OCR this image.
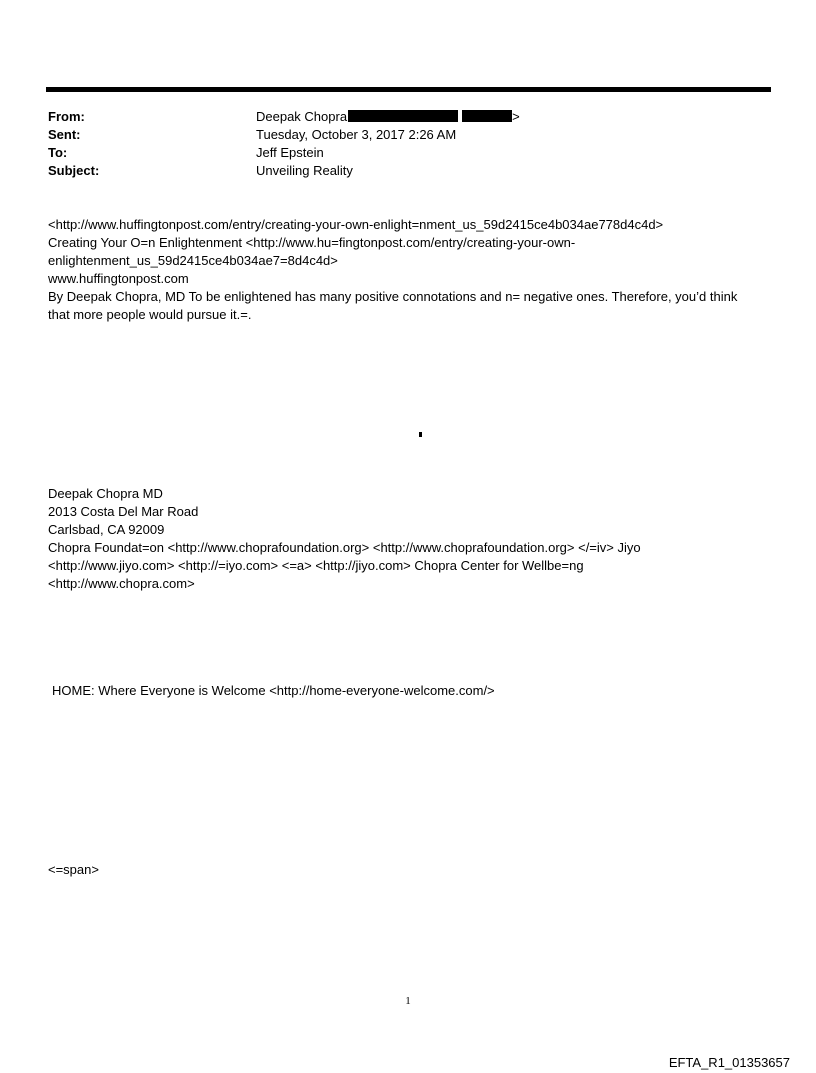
From:	Deepak Chopra	>
Sent:	Tuesday, October 3, 2017 2:26 AM
To:	Jeff Epstein
Subject:	Unveiling Reality
<http://www.huffingtonpost.com/entry/creating-your-own-enlight=nment_us_59d2415ce4b034ae778d4c4d>
Creating Your O=n Enlightenment <http://www.hu=fingtonpost.com/entry/creating-your-own-
enlightenment_us_59d2415ce4b034ae7=8d4c4d>
www.huffingtonpost.com
By Deepak Chopra, MD To be enlightened has many positive connotations and n= negative ones. Therefore, you’d think
that more people would pursue it.=.
Deepak Chopra MD
2013 Costa Del Mar Road
Carlsbad, CA 92009
Chopra Foundat=on <http://www.choprafoundation.org> <http://www.choprafoundation.org> </=iv> Jiyo
<http://www.jiyo.com> <http://=iyo.com> <=a> <http://jiyo.com> Chopra Center for Wellbe=ng
<http://www.chopra.com>
HOME: Where Everyone is Welcome <http://home-everyone-welcome.com/>
<=span>
1
EFTA_R1_01353657
